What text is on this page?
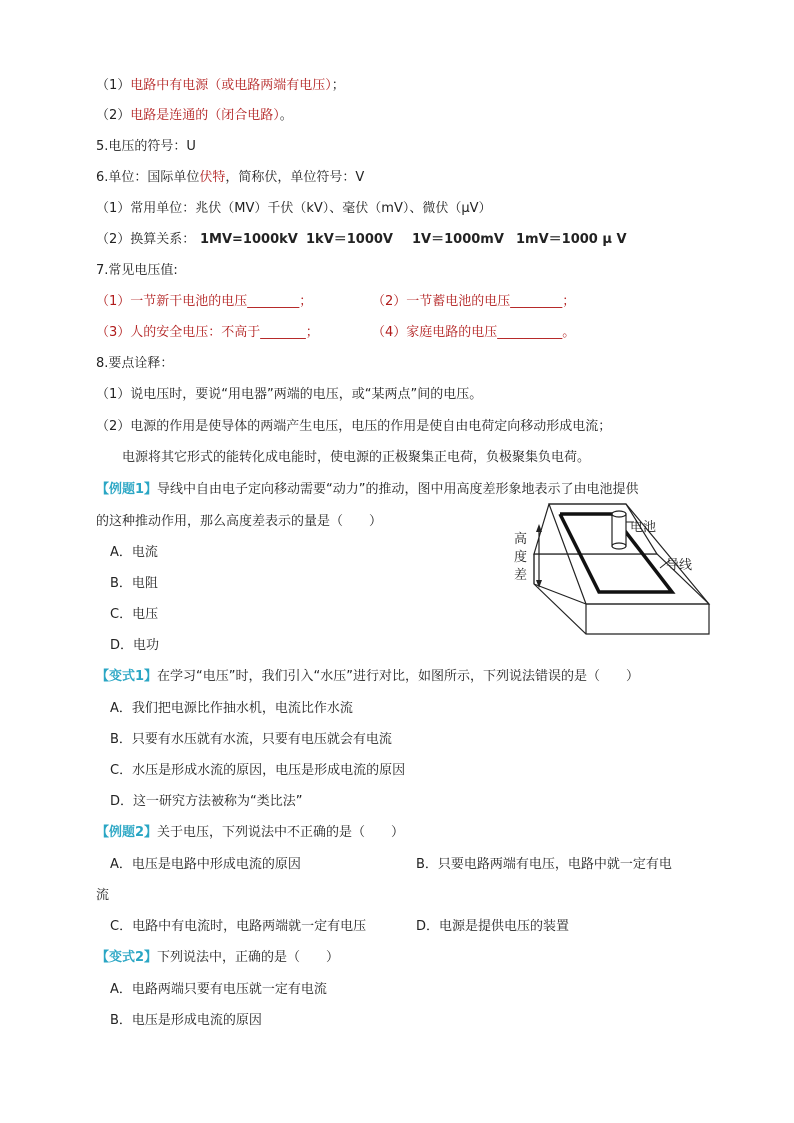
（1）电路中有电源（或电路两端有电压）；
（2）电路是连通的（闭合电路）。
5.电压的符号：U
6.单位：国际单位伏特，简称伏，单位符号：V
（1）常用单位：兆伏（MV）千伏（kV）、毫伏（mV）、微伏（μV）
（2）换算关系： 1MV=1000kV 1kV＝1000V 1V＝1000mV 1mV＝1000 μ V
7.常见电压值:
（1）一节新干电池的电压________；	（2）一节蓄电池的电压________；
（3）人的安全电压：不高于_______；	（4）家庭电路的电压__________。
8.要点诠释：
（1）说电压时，要说“用电器”两端的电压，或“某两点”间的电压。
（2）电源的作用是使导体的两端产生电压，电压的作用是使自由电荷定向移动形成电流；
电源将其它形式的能转化成电能时，使电源的正极聚集正电荷，负极聚集负电荷。
【例题1】导线中自由电子定向移动需要“动力”的推动，图中用高度差形象地表示了由电池提供
的这种推动作用，那么高度差表示的量是（　　）
A．电流
B．电阻
C．电压
D．电功
电池
导线
高
度
差
【变式1】在学习“电压”时，我们引入“水压”进行对比，如图所示，下列说法错误的是（　　）
A．我们把电源比作抽水机，电流比作水流
B．只要有水压就有水流，只要有电压就会有电流
C．水压是形成水流的原因，电压是形成电流的原因
D．这一研究方法被称为“类比法”
【例题2】关于电压，下列说法中不正确的是（　　）
A．电压是电路中形成电流的原因	B．只要电路两端有电压，电路中就一定有电
流
C．电路中有电流时，电路两端就一定有电压	D．电源是提供电压的装置
【变式2】下列说法中，正确的是（　　）
A．电路两端只要有电压就一定有电流
B．电压是形成电流的原因
